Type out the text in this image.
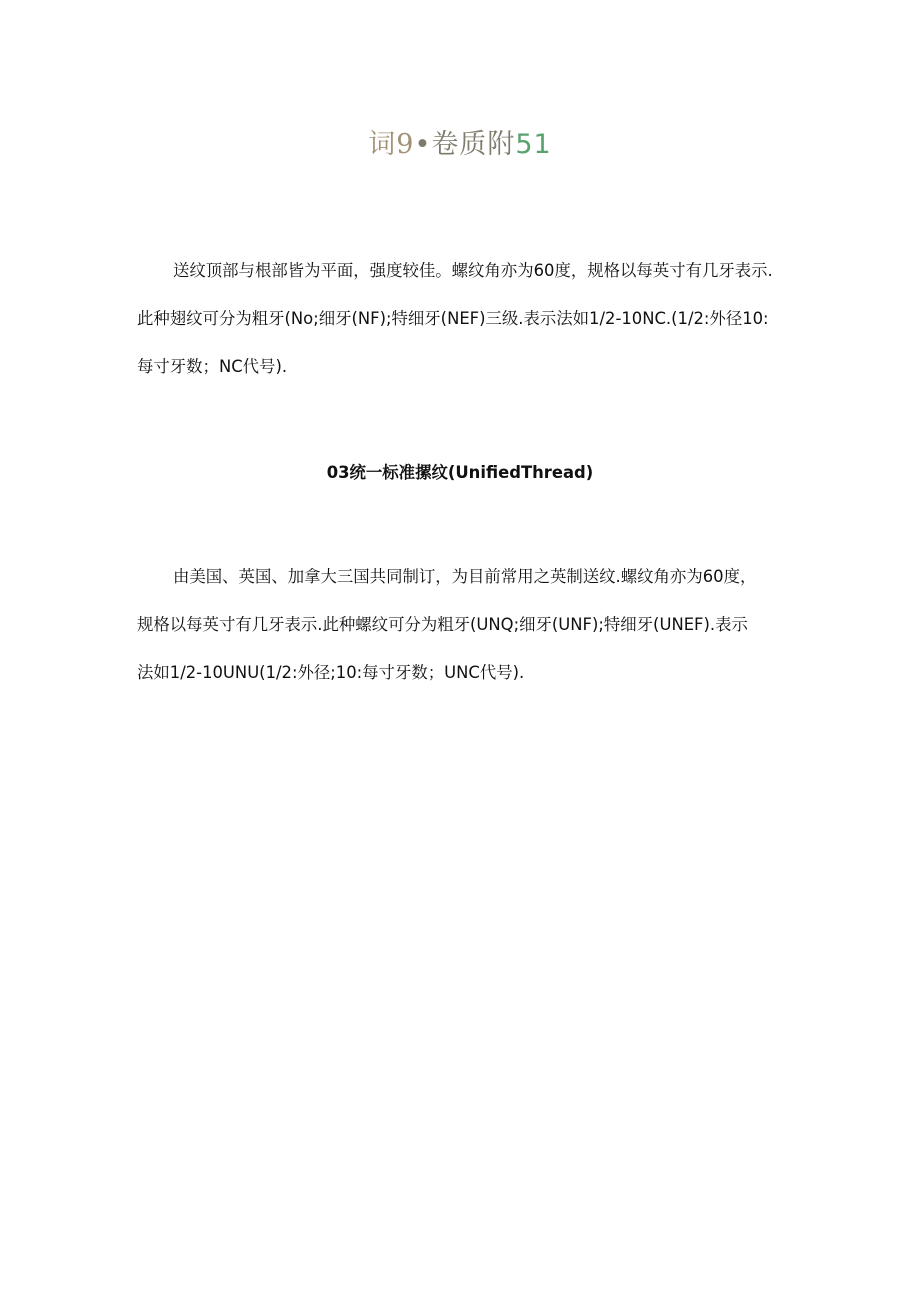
词9•卷质附51

送纹顶部与根部皆为平面，强度较佳。螺纹角亦为60度，规格以每英寸有几牙表示.
此种翅纹可分为粗牙(No;细牙(NF);特细牙(NEF)三级.表示法如1/2-10NC.(1/2:外径10:
每寸牙数；NC代号).

03统一标准摞纹(UnifiedThread)

由美国、英国、加拿大三国共同制订，为目前常用之英制送纹.螺纹角亦为60度，
规格以每英寸有几牙表示.此种螺纹可分为粗牙(UNQ;细牙(UNF);特细牙(UNEF).表示
法如1/2-10UNU(1/2:外径;10:每寸牙数；UNC代号).
